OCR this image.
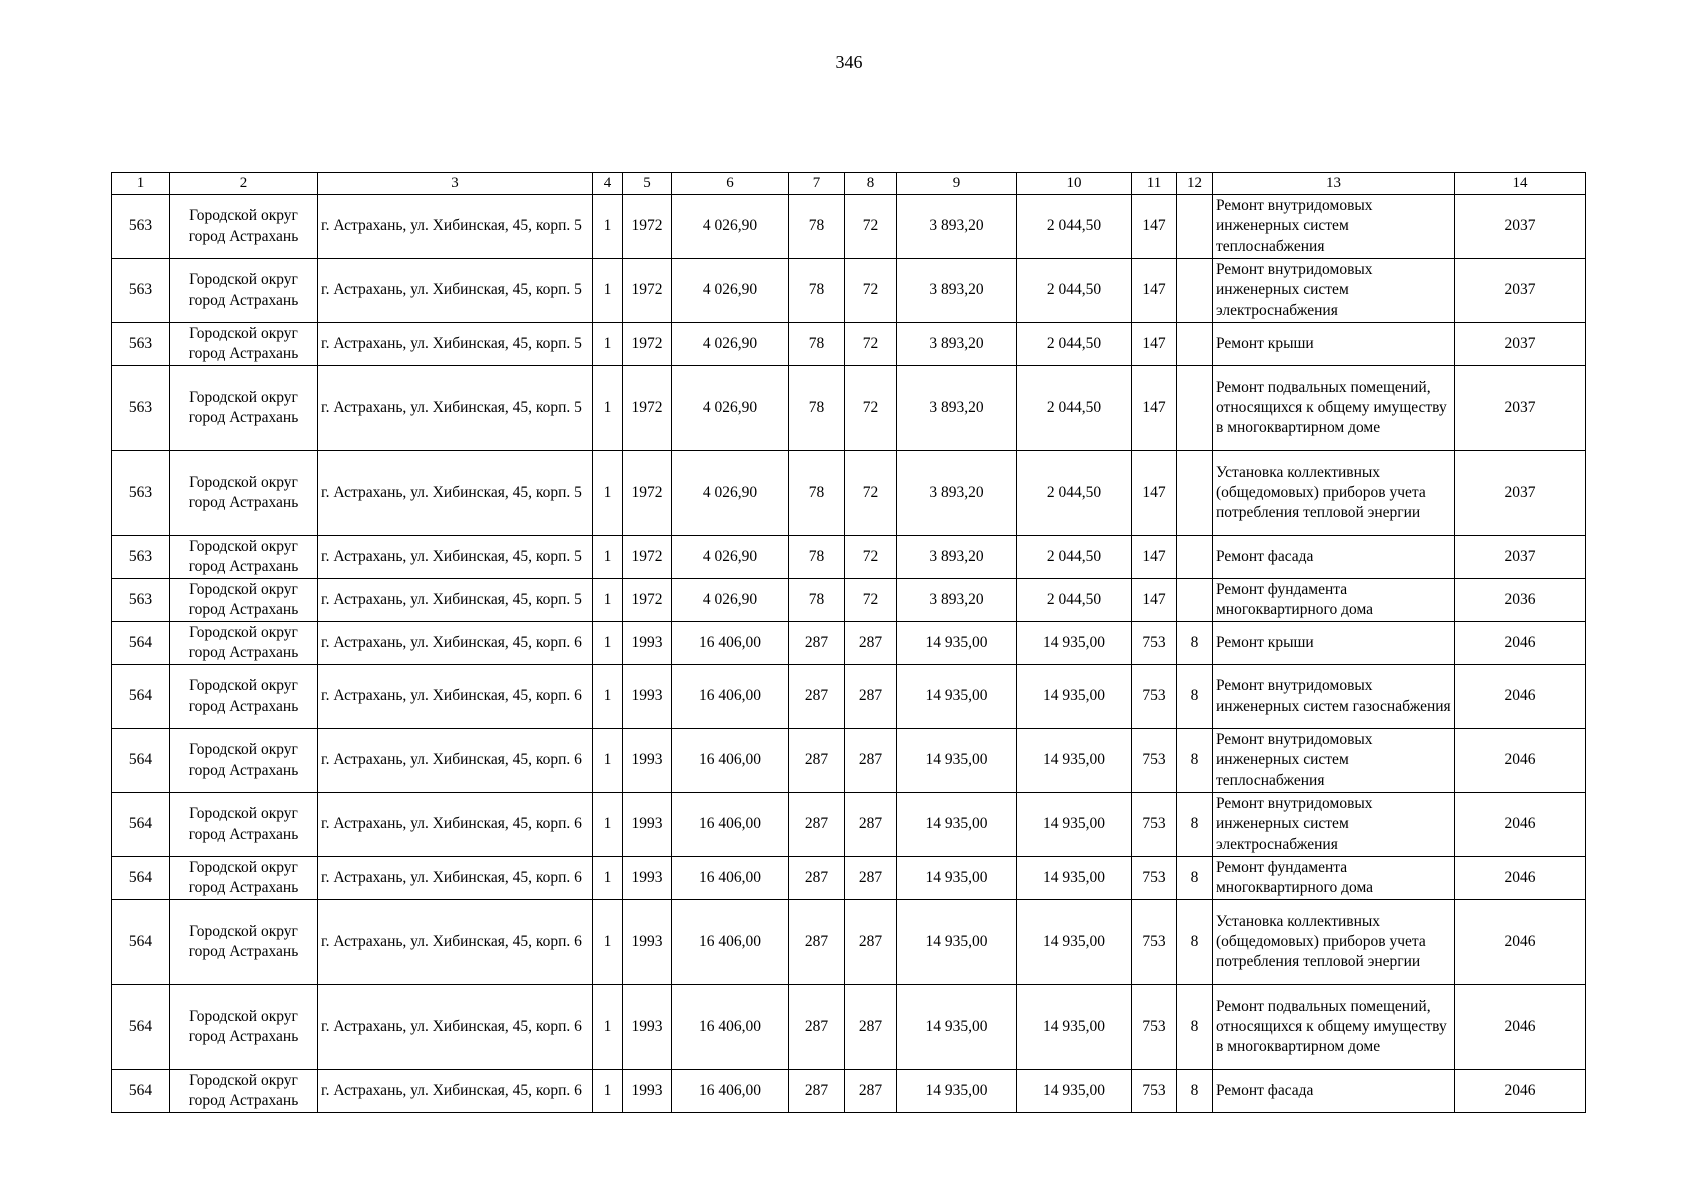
346
1	2	3	4	5	6	7	8	9	10	11	12	13	14
563	Городской округ город Астрахань	г. Астрахань, ул. Хибинская, 45, корп. 5	1	1972	4 026,90	78	72	3 893,20	2 044,50	147		Ремонт внутридомовых инженерных систем теплоснабжения	2037
563	Городской округ город Астрахань	г. Астрахань, ул. Хибинская, 45, корп. 5	1	1972	4 026,90	78	72	3 893,20	2 044,50	147		Ремонт внутридомовых инженерных систем электроснабжения	2037
563	Городской округ город Астрахань	г. Астрахань, ул. Хибинская, 45, корп. 5	1	1972	4 026,90	78	72	3 893,20	2 044,50	147		Ремонт крыши	2037
563	Городской округ город Астрахань	г. Астрахань, ул. Хибинская, 45, корп. 5	1	1972	4 026,90	78	72	3 893,20	2 044,50	147		Ремонт подвальных помещений, относящихся к общему имуществу в многоквартирном доме	2037
563	Городской округ город Астрахань	г. Астрахань, ул. Хибинская, 45, корп. 5	1	1972	4 026,90	78	72	3 893,20	2 044,50	147		Установка коллективных (общедомовых) приборов учета потребления тепловой энергии	2037
563	Городской округ город Астрахань	г. Астрахань, ул. Хибинская, 45, корп. 5	1	1972	4 026,90	78	72	3 893,20	2 044,50	147		Ремонт фасада	2037
563	Городской округ город Астрахань	г. Астрахань, ул. Хибинская, 45, корп. 5	1	1972	4 026,90	78	72	3 893,20	2 044,50	147		Ремонт фундамента многоквартирного дома	2036
564	Городской округ город Астрахань	г. Астрахань, ул. Хибинская, 45, корп. 6	1	1993	16 406,00	287	287	14 935,00	14 935,00	753	8	Ремонт крыши	2046
564	Городской округ город Астрахань	г. Астрахань, ул. Хибинская, 45, корп. 6	1	1993	16 406,00	287	287	14 935,00	14 935,00	753	8	Ремонт внутридомовых инженерных систем газоснабжения	2046
564	Городской округ город Астрахань	г. Астрахань, ул. Хибинская, 45, корп. 6	1	1993	16 406,00	287	287	14 935,00	14 935,00	753	8	Ремонт внутридомовых инженерных систем теплоснабжения	2046
564	Городской округ город Астрахань	г. Астрахань, ул. Хибинская, 45, корп. 6	1	1993	16 406,00	287	287	14 935,00	14 935,00	753	8	Ремонт внутридомовых инженерных систем электроснабжения	2046
564	Городской округ город Астрахань	г. Астрахань, ул. Хибинская, 45, корп. 6	1	1993	16 406,00	287	287	14 935,00	14 935,00	753	8	Ремонт фундамента многоквартирного дома	2046
564	Городской округ город Астрахань	г. Астрахань, ул. Хибинская, 45, корп. 6	1	1993	16 406,00	287	287	14 935,00	14 935,00	753	8	Установка коллективных (общедомовых) приборов учета потребления тепловой энергии	2046
564	Городской округ город Астрахань	г. Астрахань, ул. Хибинская, 45, корп. 6	1	1993	16 406,00	287	287	14 935,00	14 935,00	753	8	Ремонт подвальных помещений, относящихся к общему имуществу в многоквартирном доме	2046
564	Городской округ город Астрахань	г. Астрахань, ул. Хибинская, 45, корп. 6	1	1993	16 406,00	287	287	14 935,00	14 935,00	753	8	Ремонт фасада	2046
